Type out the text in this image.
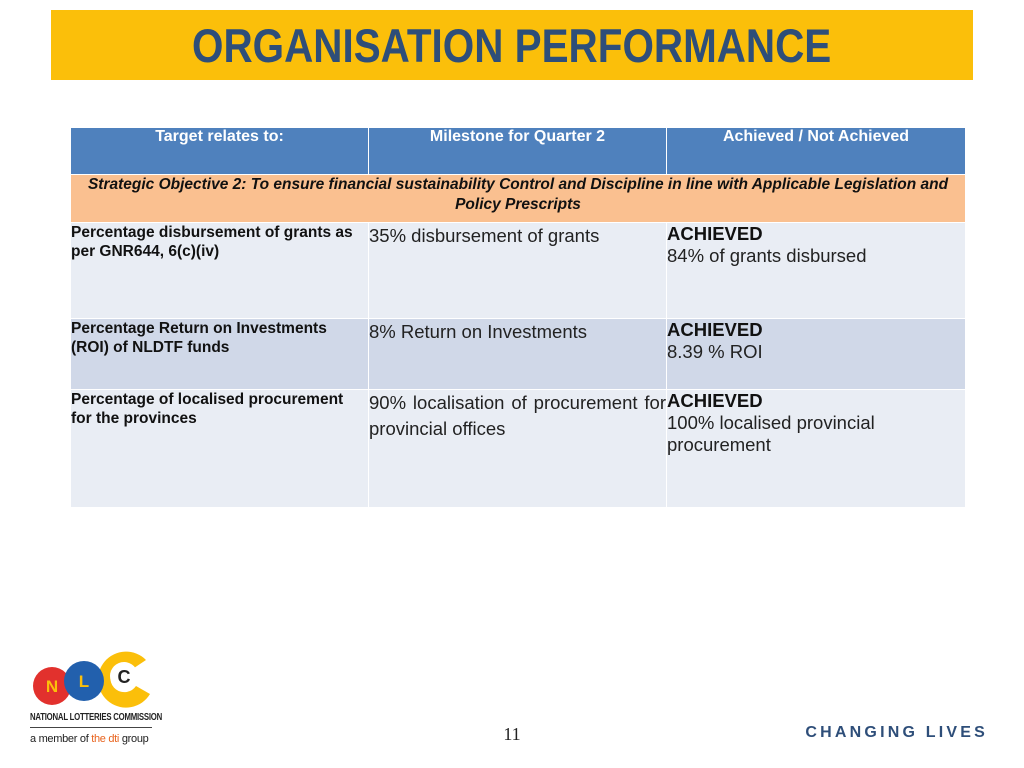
ORGANISATION PERFORMANCE
Target relates to:	Milestone for Quarter 2	Achieved / Not Achieved
Strategic Objective 2: To ensure financial sustainability Control and Discipline in line with Applicable Legislation and Policy Prescripts		
Percentage disbursement of grants as per GNR644, 6(c)(iv)	35% disbursement of grants	ACHIEVED
84% of grants disbursed

Percentage Return on Investments (ROI) of NLDTF funds	8% Return on Investments	ACHIEVED
8.39 % ROI

Percentage of localised procurement for the provinces	90% localisation of procurement for provincial offices	ACHIEVED
100% localised provincial procurement
N L C
NATIONAL LOTTERIES COMMISSION
a member of the dti group	11	CHANGING LIVES
